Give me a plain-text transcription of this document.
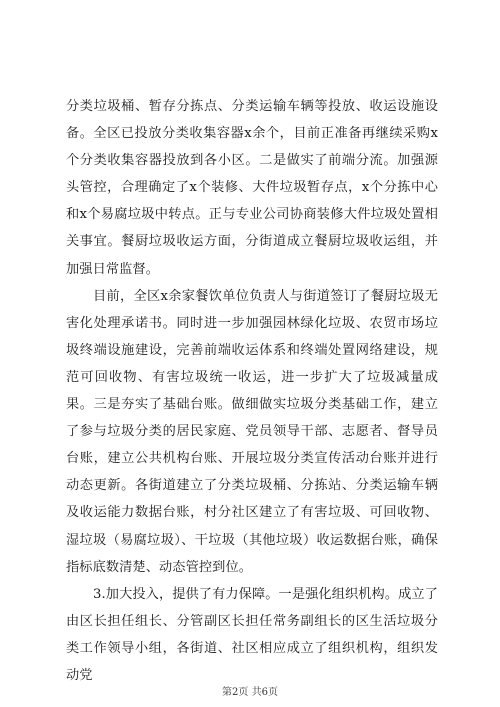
分类垃圾桶、暂存分拣点、分类运输车辆等投放、收运设施设备。全区已投放分类收集容器x余个，目前正准备再继续采购x个分类收集容器投放到各小区。二是做实了前端分流。加强源头管控，合理确定了x个装修、大件垃圾暂存点，x个分拣中心和x个易腐垃圾中转点。正与专业公司协商装修大件垃圾处置相关事宜。餐厨垃圾收运方面，分街道成立餐厨垃圾收运组，并加强日常监督。

目前，全区x余家餐饮单位负责人与街道签订了餐厨垃圾无害化处理承诺书。同时进一步加强园林绿化垃圾、农贸市场垃圾终端设施建设，完善前端收运体系和终端处置网络建设，规范可回收物、有害垃圾统一收运，进一步扩大了垃圾减量成果。三是夯实了基础台账。做细做实垃圾分类基础工作，建立了参与垃圾分类的居民家庭、党员领导干部、志愿者、督导员台账，建立公共机构台账、开展垃圾分类宣传活动台账并进行动态更新。各街道建立了分类垃圾桶、分拣站、分类运输车辆及收运能力数据台账，村分社区建立了有害垃圾、可回收物、湿垃圾（易腐垃圾）、干垃圾（其他垃圾）收运数据台账，确保指标底数清楚、动态管控到位。

3.加大投入，提供了有力保障。一是强化组织机构。成立了由区长担任组长、分管副区长担任常务副组长的区生活垃圾分类工作领导小组，各街道、社区相应成立了组织机构，组织发动党

第2页 共6页
